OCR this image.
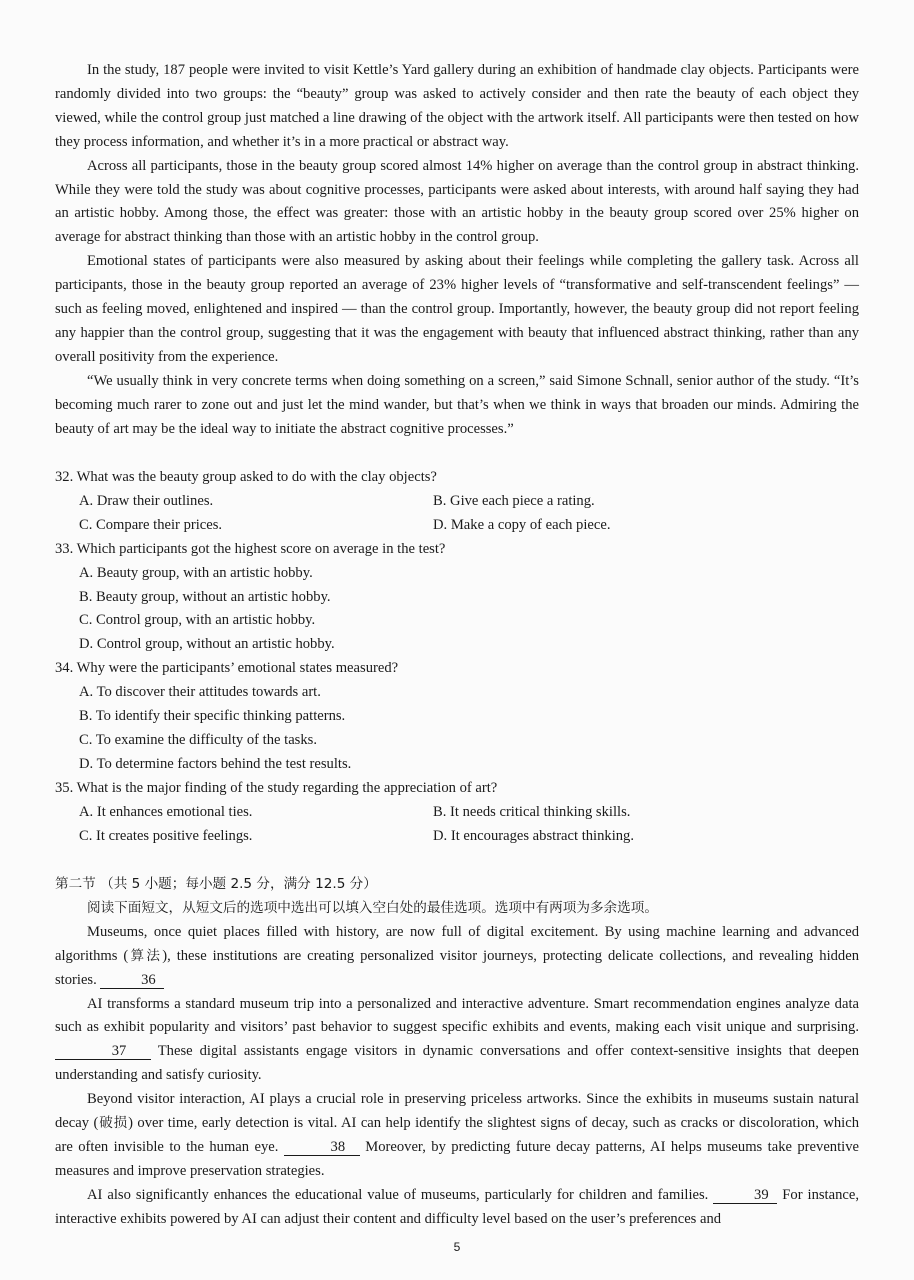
In the study, 187 people were invited to visit Kettle’s Yard gallery during an exhibition of handmade clay objects. Participants were randomly divided into two groups: the “beauty” group was asked to actively consider and then rate the beauty of each object they viewed, while the control group just matched a line drawing of the object with the artwork itself. All participants were then tested on how they process information, and whether it’s in a more practical or abstract way.

Across all participants, those in the beauty group scored almost 14% higher on average than the control group in abstract thinking. While they were told the study was about cognitive processes, participants were asked about interests, with around half saying they had an artistic hobby. Among those, the effect was greater: those with an artistic hobby in the beauty group scored over 25% higher on average for abstract thinking than those with an artistic hobby in the control group.

Emotional states of participants were also measured by asking about their feelings while completing the gallery task. Across all participants, those in the beauty group reported an average of 23% higher levels of “transformative and self-transcendent feelings” — such as feeling moved, enlightened and inspired — than the control group. Importantly, however, the beauty group did not report feeling any happier than the control group, suggesting that it was the engagement with beauty that influenced abstract thinking, rather than any overall positivity from the experience.

“We usually think in very concrete terms when doing something on a screen,” said Simone Schnall, senior author of the study. “It’s becoming much rarer to zone out and just let the mind wander, but that’s when we think in ways that broaden our minds. Admiring the beauty of art may be the ideal way to initiate the abstract cognitive processes.”

32. What was the beauty group asked to do with the clay objects?

A. Draw their outlines.	B. Give each piece a rating.
C. Compare their prices.	D. Make a copy of each piece.

33. Which participants got the highest score on average in the test?

A. Beauty group, with an artistic hobby.
B. Beauty group, without an artistic hobby.
C. Control group, with an artistic hobby.
D. Control group, without an artistic hobby.

34. Why were the participants’ emotional states measured?

A. To discover their attitudes towards art.
B. To identify their specific thinking patterns.
C. To examine the difficulty of the tasks.
D. To determine factors behind the test results.

35. What is the major finding of the study regarding the appreciation of art?

A. It enhances emotional ties.	B. It needs critical thinking skills.
C. It creates positive feelings.	D. It encourages abstract thinking.

第二节 （共 5 小题；每小题 2.5 分，满分 12.5 分）

阅读下面短文，从短文后的选项中选出可以填入空白处的最佳选项。选项中有两项为多余选项。

Museums, once quiet places filled with history, are now full of digital excitement. By using machine learning and advanced algorithms (算法), these institutions are creating personalized visitor journeys, protecting delicate collections, and revealing hidden stories.	36

AI transforms a standard museum trip into a personalized and interactive adventure. Smart recommendation engines analyze data such as exhibit popularity and visitors’ past behavior to suggest specific exhibits and events, making each visit unique and surprising. 37 These digital assistants engage visitors in dynamic conversations and offer context-sensitive insights that deepen understanding and satisfy curiosity.

Beyond visitor interaction, AI plays a crucial role in preserving priceless artworks. Since the exhibits in museums sustain natural decay (破损) over time, early detection is vital. AI can help identify the slightest signs of decay, such as cracks or discoloration, which are often invisible to the human eye.	38 Moreover, by predicting future decay patterns, AI helps museums take preventive measures and improve preservation strategies.

AI also significantly enhances the educational value of museums, particularly for children and families.	39 For instance, interactive exhibits powered by AI can adjust their content and difficulty level based on the user’s preferences and

5
